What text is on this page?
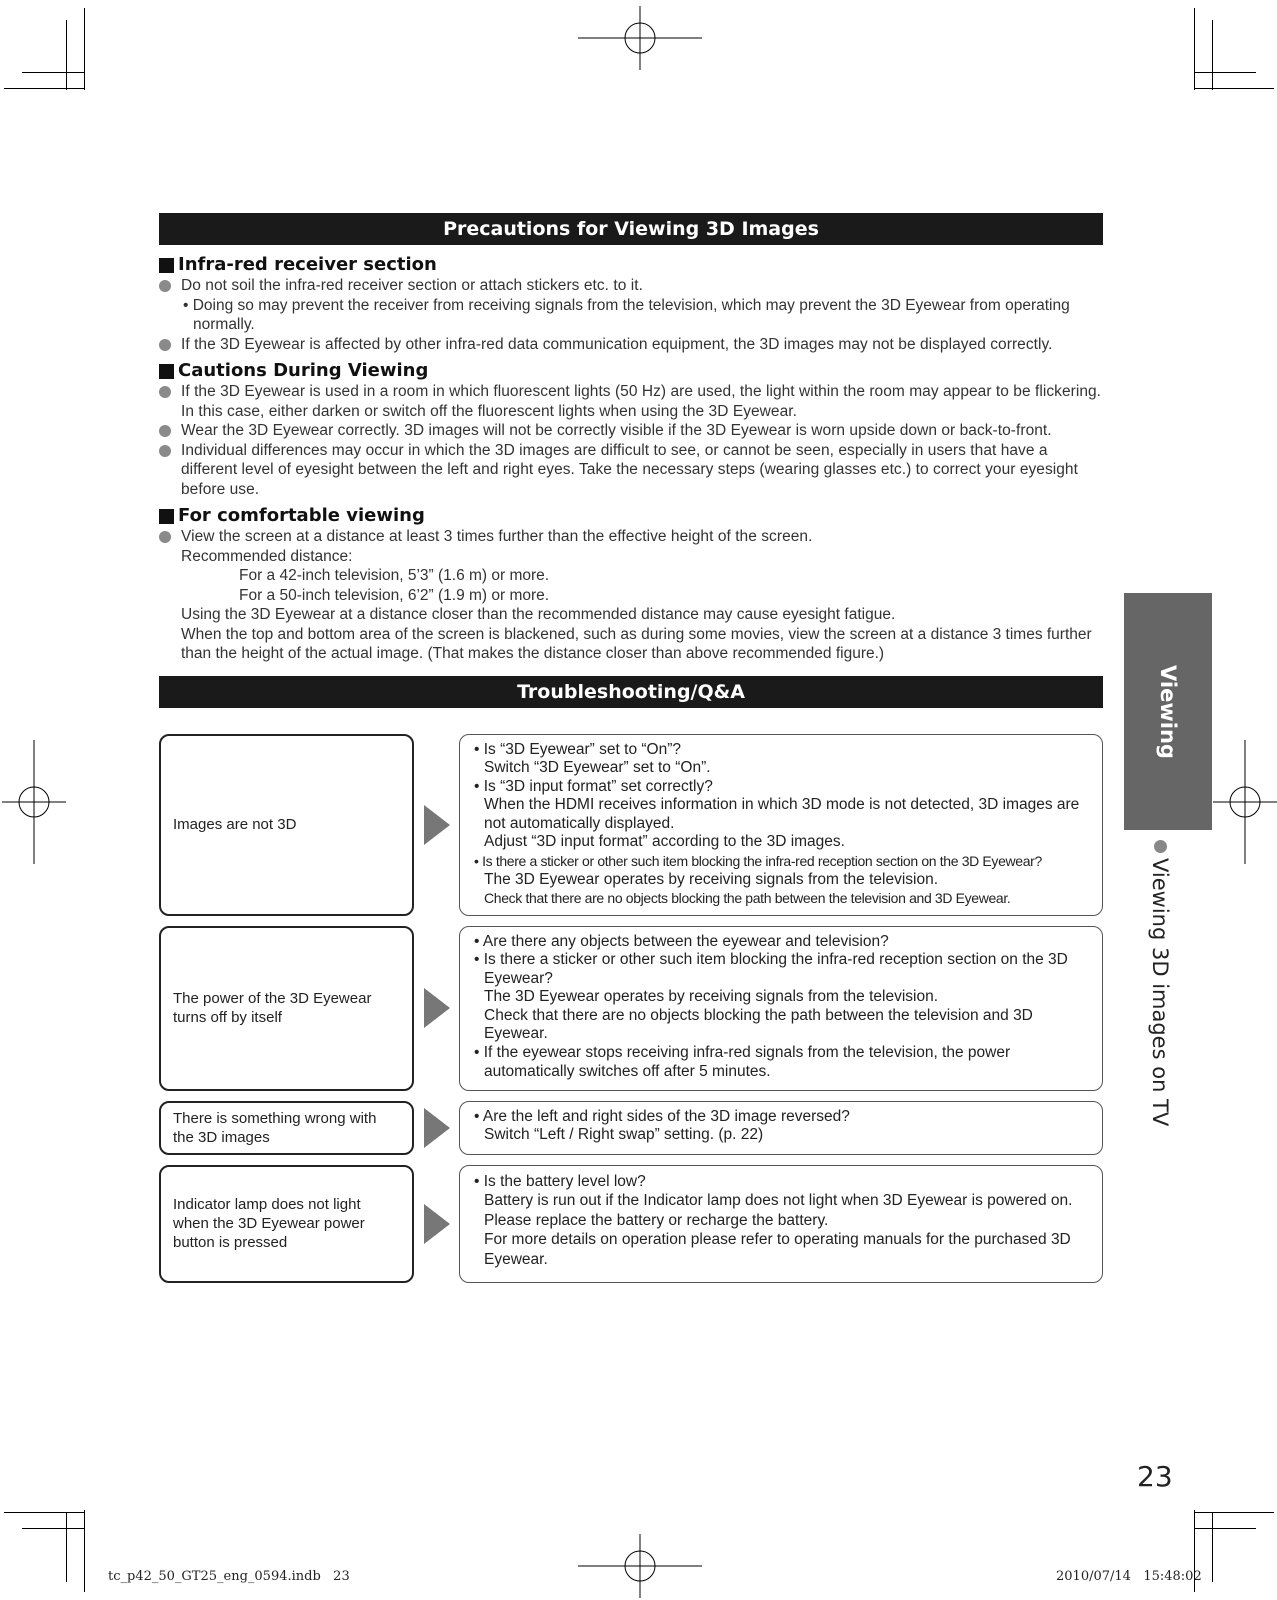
Precautions for Viewing 3D Images
Infra-red receiver section
Do not soil the infra-red receiver section or attach stickers etc. to it.
• Doing so may prevent the receiver from receiving signals from the television, which may prevent the 3D Eyewear from operating normally.
If the 3D Eyewear is affected by other infra-red data communication equipment, the 3D images may not be displayed correctly.
Cautions During Viewing
If the 3D Eyewear is used in a room in which fluorescent lights (50 Hz) are used, the light within the room may appear to be flickering. In this case, either darken or switch off the fluorescent lights when using the 3D Eyewear.
Wear the 3D Eyewear correctly. 3D images will not be correctly visible if the 3D Eyewear is worn upside down or back-to-front.
Individual differences may occur in which the 3D images are difficult to see, or cannot be seen, especially in users that have a different level of eyesight between the left and right eyes. Take the necessary steps (wearing glasses etc.) to correct your eyesight before use.
For comfortable viewing
View the screen at a distance at least 3 times further than the effective height of the screen.
Recommended distance:
For a 42-inch television, 5’3” (1.6 m) or more.
For a 50-inch television, 6’2” (1.9 m) or more.
Using the 3D Eyewear at a distance closer than the recommended distance may cause eyesight fatigue.
When the top and bottom area of the screen is blackened, such as during some movies, view the screen at a distance 3 times further than the height of the actual image. (That makes the distance closer than above recommended figure.)
Troubleshooting/Q&A
Images are not 3D
• Is “3D Eyewear” set to “On”?
Switch “3D Eyewear” set to “On”.
• Is “3D input format” set correctly?
When the HDMI receives information in which 3D mode is not detected, 3D images are not automatically displayed.
Adjust “3D input format” according to the 3D images.
• Is there a sticker or other such item blocking the infra-red reception section on the 3D Eyewear?
The 3D Eyewear operates by receiving signals from the television.
Check that there are no objects blocking the path between the television and 3D Eyewear.
The power of the 3D Eyewear turns off by itself
• Are there any objects between the eyewear and television?
• Is there a sticker or other such item blocking the infra-red reception section on the 3D Eyewear?
The 3D Eyewear operates by receiving signals from the television.
Check that there are no objects blocking the path between the television and 3D Eyewear.
• If the eyewear stops receiving infra-red signals from the television, the power automatically switches off after 5 minutes.
There is something wrong with the 3D images
• Are the left and right sides of the 3D image reversed?
Switch “Left / Right swap” setting. (p. 22)
Indicator lamp does not light when the 3D Eyewear power button is pressed
• Is the battery level low?
Battery is run out if the Indicator lamp does not light when 3D Eyewear is powered on. Please replace the battery or recharge the battery.
For more details on operation please refer to operating manuals for the purchased 3D Eyewear.
Viewing
Viewing 3D images on TV
23
tc_p42_50_GT25_eng_0594.indb   23	2010/07/14   15:48:02
